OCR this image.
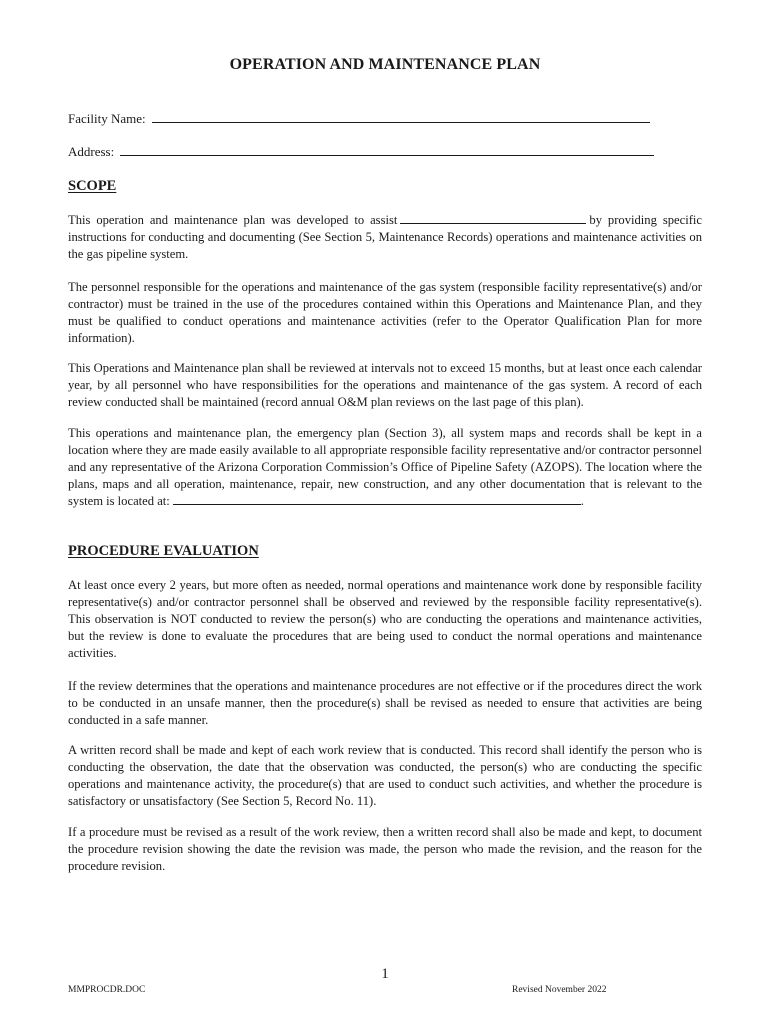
OPERATION AND MAINTENANCE PLAN
Facility Name:
Address:
SCOPE
This operation and maintenance plan was developed to assist	by providing specific instructions for conducting and documenting (See Section 5, Maintenance Records) operations and maintenance activities on the gas pipeline system.
The personnel responsible for the operations and maintenance of the gas system (responsible facility representative(s) and/or contractor) must be trained in the use of the procedures contained within this Operations and Maintenance Plan, and they must be qualified to conduct operations and maintenance activities (refer to the Operator Qualification Plan for more information).
This Operations and Maintenance plan shall be reviewed at intervals not to exceed 15 months, but at least once each calendar year, by all personnel who have responsibilities for the operations and maintenance of the gas system. A record of each review conducted shall be maintained (record annual O&M plan reviews on the last page of this plan).
This operations and maintenance plan, the emergency plan (Section 3), all system maps and records shall be kept in a location where they are made easily available to all appropriate responsible facility representative and/or contractor personnel and any representative of the Arizona Corporation Commission’s Office of Pipeline Safety (AZOPS). The location where the plans, maps and all operation, maintenance, repair, new construction, and any other documentation that is relevant to the system is located at:	.
PROCEDURE EVALUATION
At least once every 2 years, but more often as needed, normal operations and maintenance work done by responsible facility representative(s) and/or contractor personnel shall be observed and reviewed by the responsible facility representative(s). This observation is NOT conducted to review the person(s) who are conducting the operations and maintenance activities, but the review is done to evaluate the procedures that are being used to conduct the normal operations and maintenance activities.
If the review determines that the operations and maintenance procedures are not effective or if the procedures direct the work to be conducted in an unsafe manner, then the procedure(s) shall be revised as needed to ensure that activities are being conducted in a safe manner.
A written record shall be made and kept of each work review that is conducted. This record shall identify the person who is conducting the observation, the date that the observation was conducted, the person(s) who are conducting the specific operations and maintenance activity, the procedure(s) that are used to conduct such activities, and whether the procedure is satisfactory or unsatisfactory (See Section 5, Record No. 11).
If a procedure must be revised as a result of the work review, then a written record shall also be made and kept, to document the procedure revision showing the date the revision was made, the person who made the revision, and the reason for the procedure revision.
1
MMPROCDR.DOC	Revised November 2022
